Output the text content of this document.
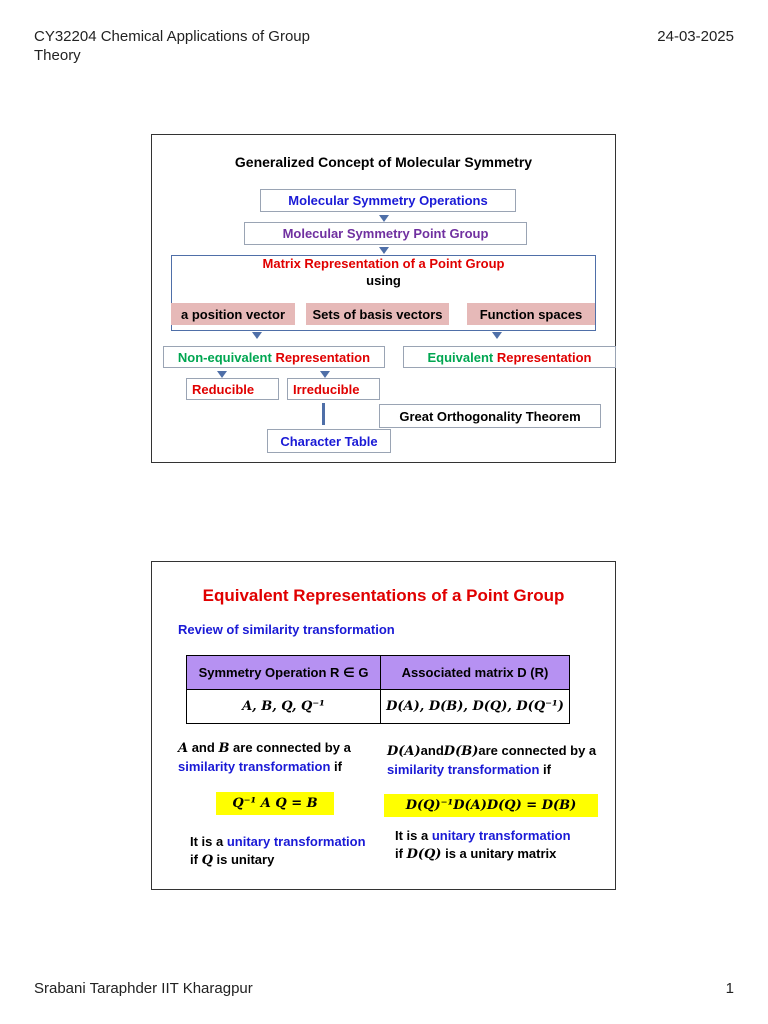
CY32204 Chemical Applications of Group
Theory
24-03-2025
Generalized Concept of Molecular Symmetry
Molecular Symmetry Operations
Molecular Symmetry Point Group
Matrix Representation of a Point Group
using
a position vector	Sets of basis vectors	Function spaces
Non-equivalent
Representation	Equivalent
Representation
Reducible	Irreducible
Great Orthogonality Theorem
Character Table
Equivalent Representations of a Point Group
Review of similarity transformation
Symmetry Operation R ∈ G	Associated matrix D (R)
A, B, Q, Q⁻¹	D(A), D(B), D(Q), D(Q⁻¹)
A and B are connected by a
similarity transformation if
Q⁻¹ A Q = B
It is a unitary transformation
if Q is unitary
D(A)andD(B)are connected by a
similarity transformation if
D(Q)⁻¹D(A)D(Q) = D(B)
It is a unitary transformation
if D(Q) is a unitary matrix
Srabani Taraphder IIT Kharagpur	1
